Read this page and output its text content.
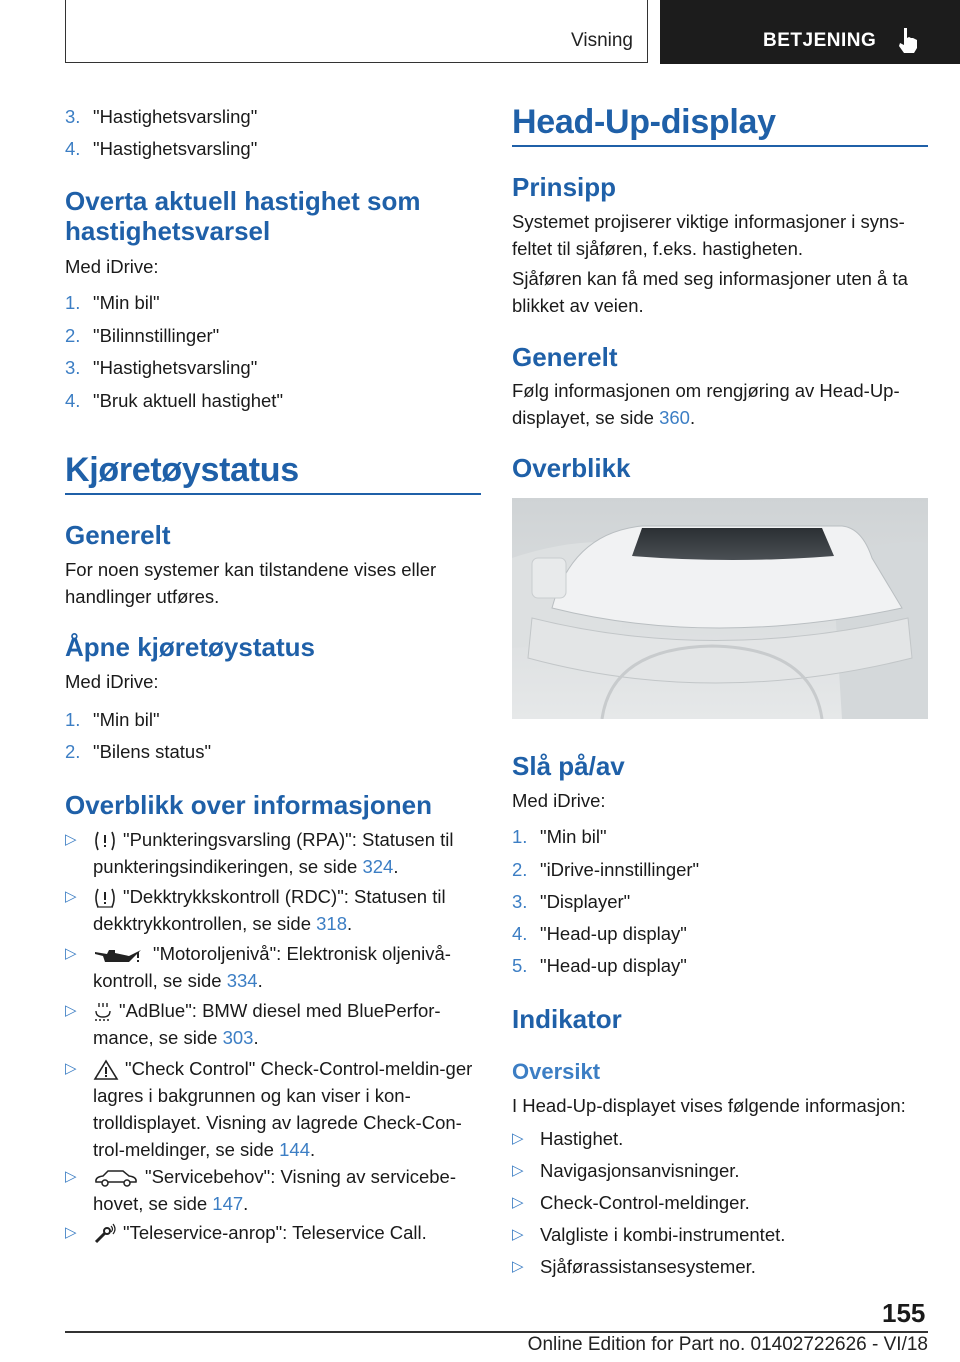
Visning	BETJENING
3. "Hastighetsvarsling"
4. "Hastighetsvarsling"
Overta aktuell hastighet som hastighetsvarsel
Med iDrive:
1. "Min bil"
2. "Bilinnstillinger"
3. "Hastighetsvarsling"
4. "Bruk aktuell hastighet"
Kjøretøystatus
Generelt
For noen systemer kan tilstandene vises eller handlinger utføres.
Åpne kjøretøystatus
Med iDrive:
1. "Min bil"
2. "Bilens status"
Overblikk over informasjonen
▷	"Punkteringsvarsling (RPA)": Statusen til punkteringsindikeringen, se side 324.
▷	"Dekktrykkskontroll (RDC)": Statusen til dekktrykkontrollen, se side 318.
▷	"Motoroljenivå": Elektronisk oljenivå-kontroll, se side 334.
▷	"AdBlue": BMW diesel med BluePerfor-mance, se side 303.
▷	"Check Control" Check-Control-meldin-ger lagres i bakgrunnen og kan viser i kon-trolldisplayet. Visning av lagrede Check-Con-trol-meldinger, se side 144.
▷	"Servicebehov": Visning av servicebe-hovet, se side 147.
▷	"Teleservice-anrop": Teleservice Call.
Head-Up-display
Prinsipp
Systemet projiserer viktige informasjoner i syns-feltet til sjåføren, f.eks. hastigheten.
Sjåføren kan få med seg informasjoner uten å ta blikket av veien.
Generelt
Følg informasjonen om rengjøring av Head-Up-displayet, se side 360.
Overblikk
Slå på/av
Med iDrive:
1. "Min bil"
2. "iDrive-innstillinger"
3. "Displayer"
4. "Head-up display"
5. "Head-up display"
Indikator
Oversikt
I Head-Up-displayet vises følgende informasjon:
▷ Hastighet.
▷ Navigasjonsanvisninger.
▷ Check-Control-meldinger.
▷ Valgliste i kombi-instrumentet.
▷ Sjåførassistansesystemer.
155
Online Edition for Part no. 01402722626 - VI/18
